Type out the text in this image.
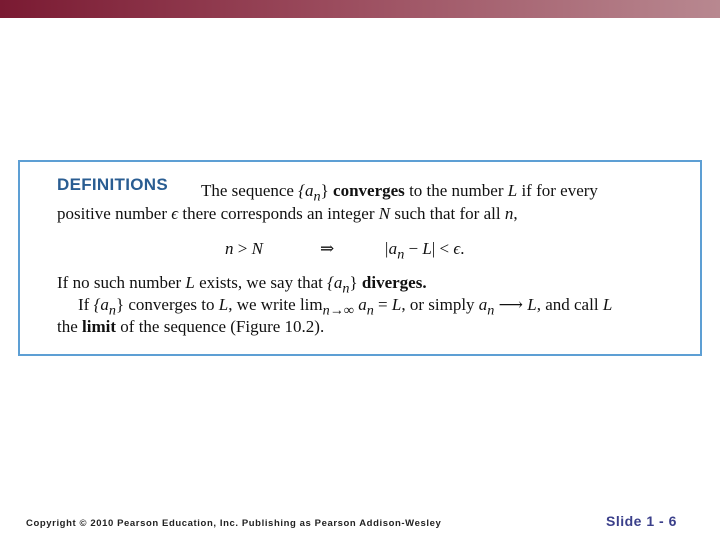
DEFINITIONS The sequence $\{a_n\}$ converges to the number L if for every
positive number ϵ there corresponds an integer N such that for all n,
n > N	⇒	$|a_n - L| < \epsilon$.
If no such number L exists, we say that $\{a_n\}$ diverges.
If $\{a_n\}$ converges to L, we write $\lim_{n\to\infty} a_n = L$, or simply $a_n$ ⟶ L, and call L
the limit of the sequence (Figure 10.2).
Copyright © 2010 Pearson Education, Inc. Publishing as Pearson Addison-Wesley	Slide 1 - 6
